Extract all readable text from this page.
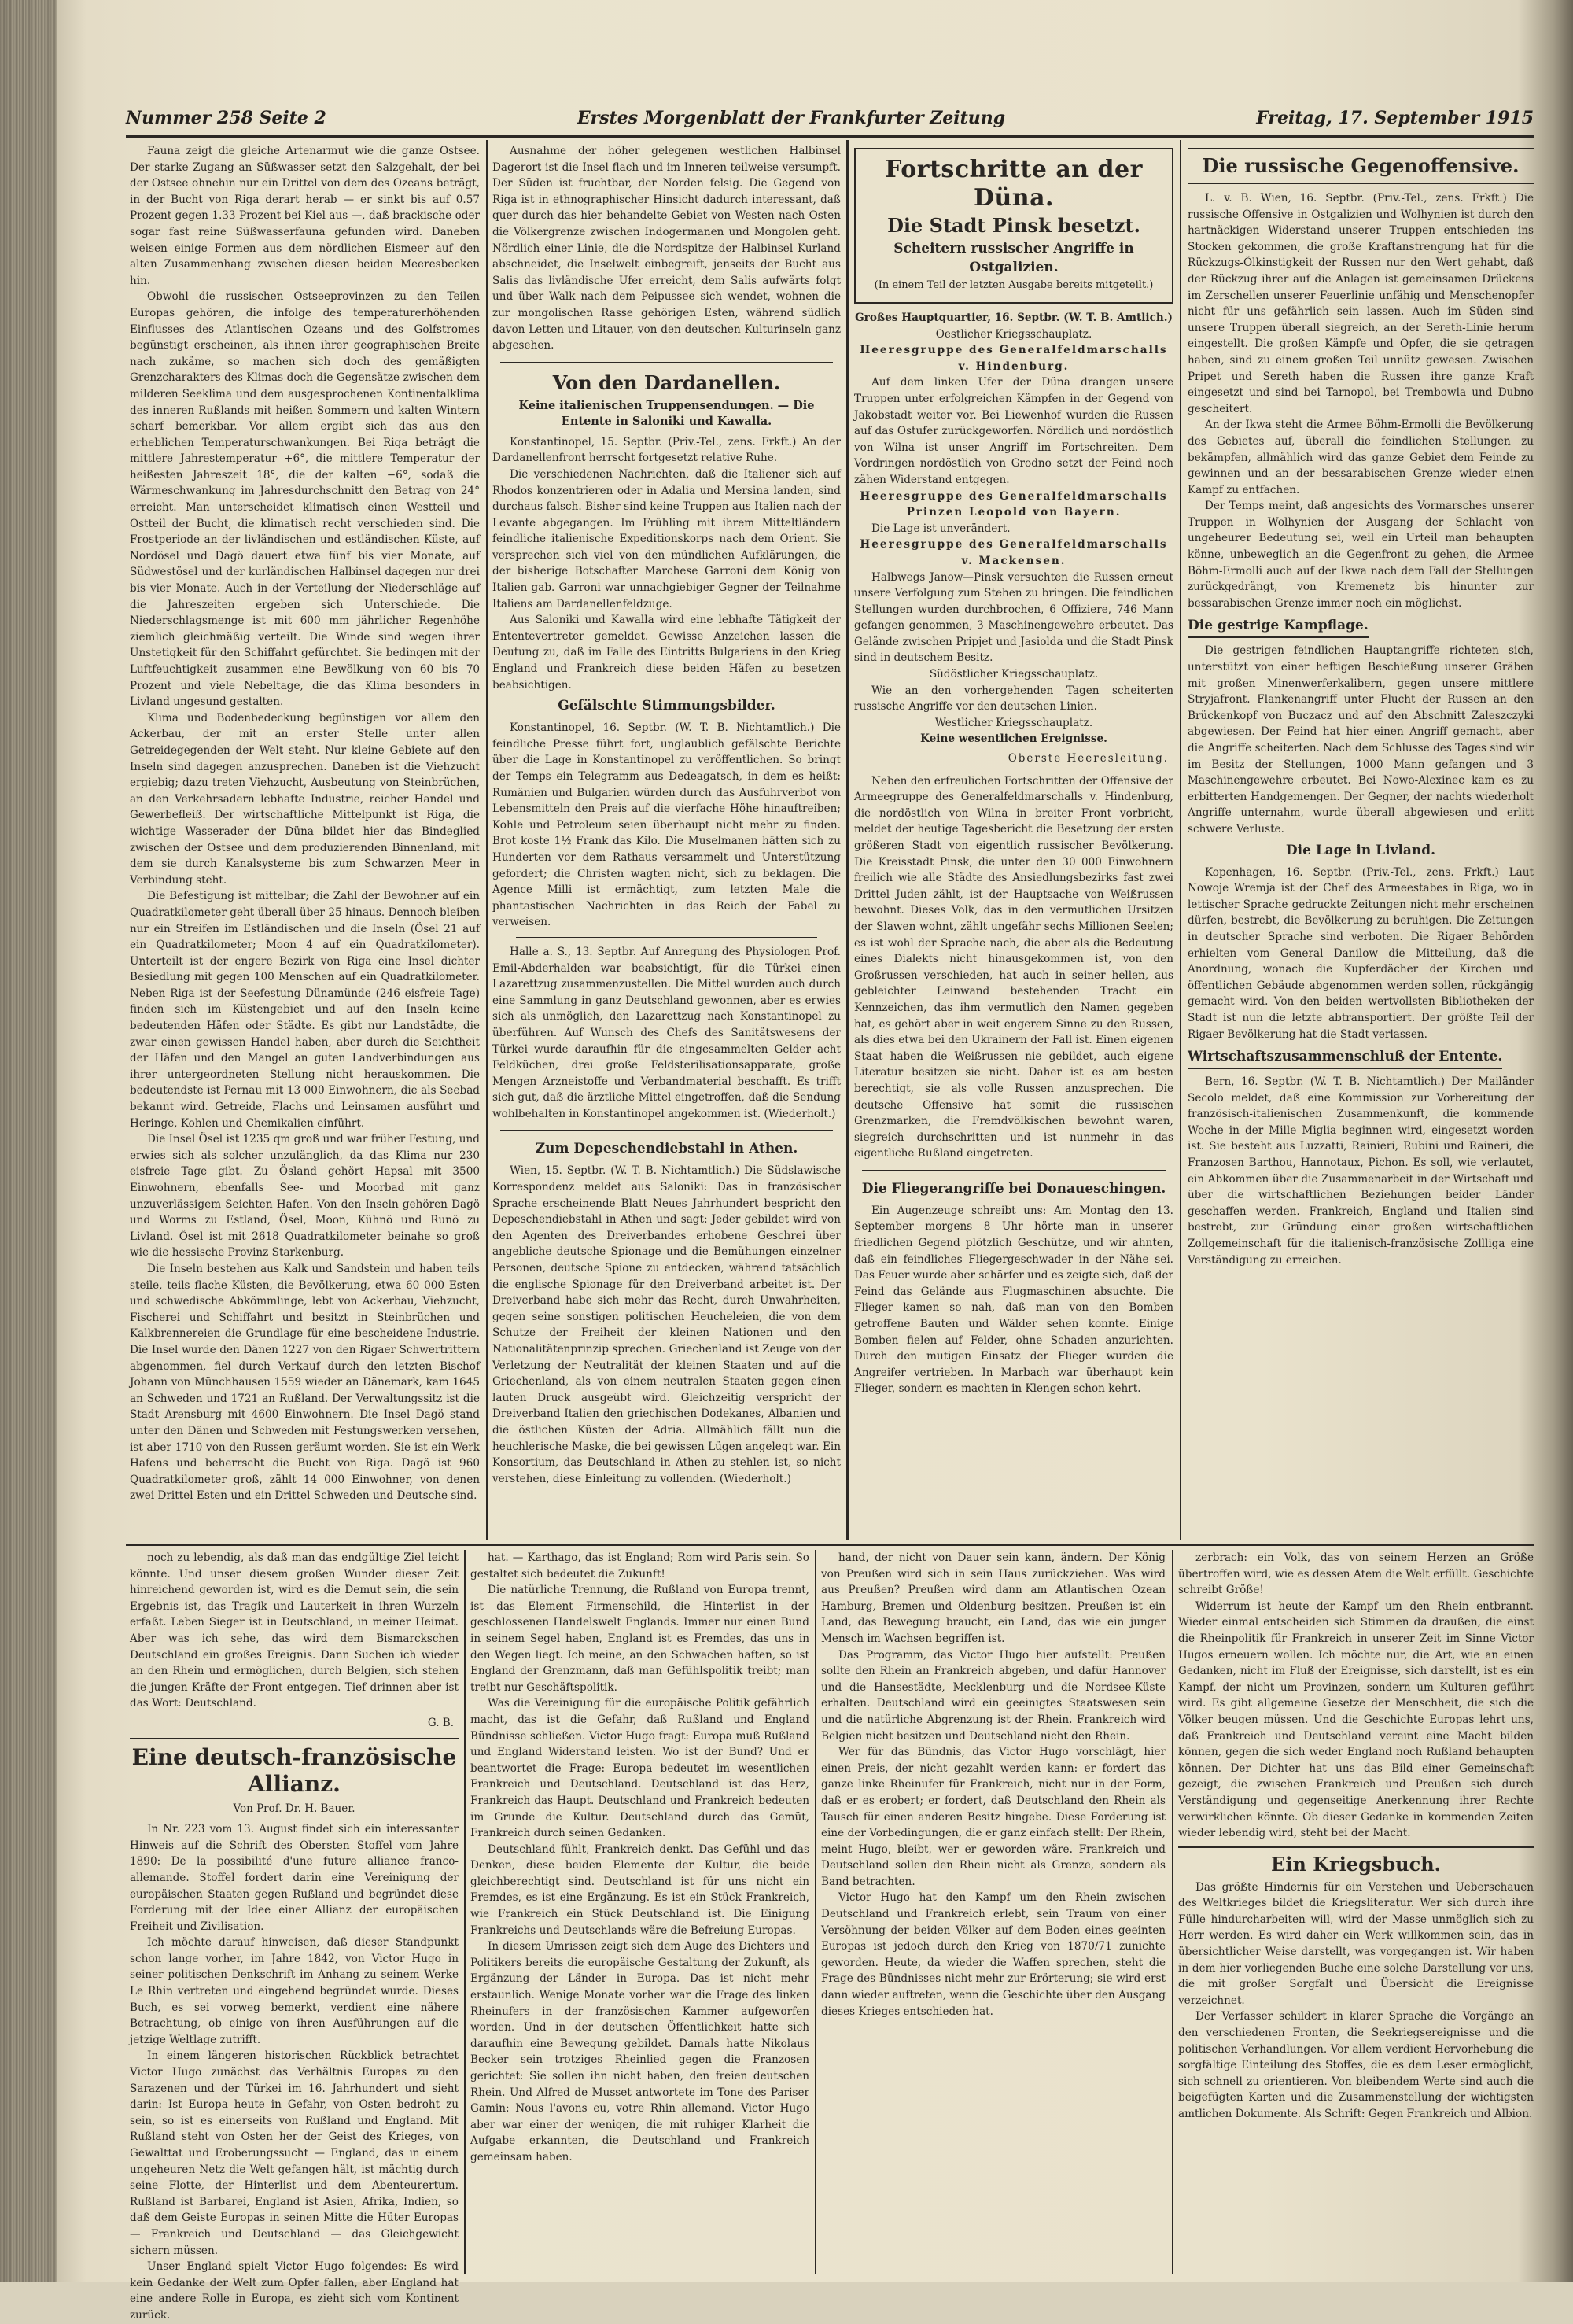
Nummer 258 Seite 2	Erstes Morgenblatt der Frankfurter Zeitung	Freitag, 17. September 1915

Fauna zeigt die gleiche Artenarmut wie die ganze Ostsee. Der starke Zugang an Süßwasser setzt den Salzgehalt, der bei der Ostsee ohnehin nur ein Drittel von dem des Ozeans beträgt, in der Bucht von Riga derart herab — er sinkt bis auf 0.57 Prozent gegen 1.33 Prozent bei Kiel aus —, daß brackische oder sogar fast reine Süßwasserfauna gefunden wird. Daneben weisen einige Formen aus dem nördlichen Eismeer auf den alten Zusammenhang zwischen diesen beiden Meeresbecken hin.

Obwohl die russischen Ostseeprovinzen zu den Teilen Europas gehören, die infolge des temperaturerhöhenden Einflusses des Atlantischen Ozeans und des Golfstromes begünstigt erscheinen, als ihnen ihrer geographischen Breite nach zukäme, so machen sich doch des gemäßigten Grenzcharakters des Klimas doch die Gegensätze zwischen dem milderen Seeklima und dem ausgesprochenen Kontinentalklima des inneren Rußlands mit heißen Sommern und kalten Wintern scharf bemerkbar. Vor allem ergibt sich das aus den erheblichen Temperaturschwankungen. Bei Riga beträgt die mittlere Jahrestemperatur +6°, die mittlere Temperatur der heißesten Jahreszeit 18°, die der kalten −6°, sodaß die Wärmeschwankung im Jahresdurchschnitt den Betrag von 24° erreicht. Man unterscheidet klimatisch einen Westteil und Ostteil der Bucht, die klimatisch recht verschieden sind. Die Frostperiode an der livländischen und estländischen Küste, auf Nordösel und Dagö dauert etwa fünf bis vier Monate, auf Südwestösel und der kurländischen Halbinsel dagegen nur drei bis vier Monate. Auch in der Verteilung der Niederschläge auf die Jahreszeiten ergeben sich Unterschiede. Die Niederschlagsmenge ist mit 600 mm jährlicher Regenhöhe ziemlich gleichmäßig verteilt. Die Winde sind wegen ihrer Unstetigkeit für den Schiffahrt gefürchtet. Sie bedingen mit der Luftfeuchtigkeit zusammen eine Bewölkung von 60 bis 70 Prozent und viele Nebeltage, die das Klima besonders in Livland ungesund gestalten.

Klima und Bodenbedeckung begünstigen vor allem den Ackerbau, der mit an erster Stelle unter allen Getreidegegenden der Welt steht. Nur kleine Gebiete auf den Inseln sind dagegen anzusprechen. Daneben ist die Viehzucht ergiebig; dazu treten Viehzucht, Ausbeutung von Steinbrüchen, an den Verkehrsadern lebhafte Industrie, reicher Handel und Gewerbefleiß. Der wirtschaftliche Mittelpunkt ist Riga, die wichtige Wasserader der Düna bildet hier das Bindeglied zwischen der Ostsee und dem produzierenden Binnenland, mit dem sie durch Kanalsysteme bis zum Schwarzen Meer in Verbindung steht.

Die Befestigung ist mittelbar; die Zahl der Bewohner auf ein Quadratkilometer geht überall über 25 hinaus. Dennoch bleiben nur ein Streifen im Estländischen und die Inseln (Ösel 21 auf ein Quadratkilometer; Moon 4 auf ein Quadratkilometer). Unterteilt ist der engere Bezirk von Riga eine Insel dichter Besiedlung mit gegen 100 Menschen auf ein Quadratkilometer. Neben Riga ist der Seefestung Dünamünde (246 eisfreie Tage) finden sich im Küstengebiet und auf den Inseln keine bedeutenden Häfen oder Städte. Es gibt nur Landstädte, die zwar einen gewissen Handel haben, aber durch die Seichtheit der Häfen und den Mangel an guten Landverbindungen aus ihrer untergeordneten Stellung nicht herauskommen. Die bedeutendste ist Pernau mit 13 000 Einwohnern, die als Seebad bekannt wird. Getreide, Flachs und Leinsamen ausführt und Heringe, Kohlen und Chemikalien einführt.

Die Insel Ösel ist 1235 qm groß und war früher Festung, und erwies sich als solcher unzulänglich, da das Klima nur 230 eisfreie Tage gibt. Zu Ösland gehört Hapsal mit 3500 Einwohnern, ebenfalls See- und Moorbad mit ganz unzuverlässigem Seichten Hafen. Von den Inseln gehören Dagö und Worms zu Estland, Ösel, Moon, Kühnö und Runö zu Livland. Ösel ist mit 2618 Quadratkilometer beinahe so groß wie die hessische Provinz Starkenburg.

Die Inseln bestehen aus Kalk und Sandstein und haben teils steile, teils flache Küsten, die Bevölkerung, etwa 60 000 Esten und schwedische Abkömmlinge, lebt von Ackerbau, Viehzucht, Fischerei und Schiffahrt und besitzt in Steinbrüchen und Kalkbrennereien die Grundlage für eine bescheidene Industrie. Die Insel wurde den Dänen 1227 von den Rigaer Schwertrittern abgenommen, fiel durch Verkauf durch den letzten Bischof Johann von Münchhausen 1559 wieder an Dänemark, kam 1645 an Schweden und 1721 an Rußland. Der Verwaltungssitz ist die Stadt Arensburg mit 4600 Einwohnern. Die Insel Dagö stand unter den Dänen und Schweden mit Festungswerken versehen, ist aber 1710 von den Russen geräumt worden. Sie ist ein Werk Hafens und beherrscht die Bucht von Riga. Dagö ist 960 Quadratkilometer groß, zählt 14 000 Einwohner, von denen zwei Drittel Esten und ein Drittel Schweden und Deutsche sind.

Ausnahme der höher gelegenen westlichen Halbinsel Dagerort ist die Insel flach und im Inneren teilweise versumpft. Der Süden ist fruchtbar, der Norden felsig. Die Gegend von Riga ist in ethnographischer Hinsicht dadurch interessant, daß quer durch das hier behandelte Gebiet von Westen nach Osten die Völkergrenze zwischen Indogermanen und Mongolen geht. Nördlich einer Linie, die die Nordspitze der Halbinsel Kurland abschneidet, die Inselwelt einbegreift, jenseits der Bucht aus Salis das livländische Ufer erreicht, dem Salis aufwärts folgt und über Walk nach dem Peipussee sich wendet, wohnen die zur mongolischen Rasse gehörigen Esten, während südlich davon Letten und Litauer, von den deutschen Kulturinseln ganz abgesehen.

Von den Dardanellen.
Keine italienischen Truppensendungen. — Die Entente in Saloniki und Kawalla.

Konstantinopel, 15. Septbr. (Priv.-Tel., zens. Frkft.) An der Dardanellenfront herrscht fortgesetzt relative Ruhe.

Die verschiedenen Nachrichten, daß die Italiener sich auf Rhodos konzentrieren oder in Adalia und Mersina landen, sind durchaus falsch. Bisher sind keine Truppen aus Italien nach der Levante abgegangen. Im Frühling mit ihrem Mitteltländern feindliche italienische Expeditionskorps nach dem Orient. Sie versprechen sich viel von den mündlichen Aufklärungen, die der bisherige Botschafter Marchese Garroni dem König von Italien gab. Garroni war unnachgiebiger Gegner der Teilnahme Italiens am Dardanellenfeldzuge.

Aus Saloniki und Kawalla wird eine lebhafte Tätigkeit der Ententevertreter gemeldet. Gewisse Anzeichen lassen die Deutung zu, daß im Falle des Eintritts Bulgariens in den Krieg England und Frankreich diese beiden Häfen zu besetzen beabsichtigen.

Gefälschte Stimmungsbilder.

Konstantinopel, 16. Septbr. (W. T. B. Nichtamtlich.) Die feindliche Presse führt fort, unglaublich gefälschte Berichte über die Lage in Konstantinopel zu veröffentlichen. So bringt der Temps ein Telegramm aus Dedeagatsch, in dem es heißt: Rumänien und Bulgarien würden durch das Ausfuhrverbot von Lebensmitteln den Preis auf die vierfache Höhe hinauftreiben; Kohle und Petroleum seien überhaupt nicht mehr zu finden. Brot koste 1½ Frank das Kilo. Die Muselmanen hätten sich zu Hunderten vor dem Rathaus versammelt und Unterstützung gefordert; die Christen wagten nicht, sich zu beklagen. Die Agence Milli ist ermächtigt, zum letzten Male die phantastischen Nachrichten in das Reich der Fabel zu verweisen.

Halle a. S., 13. Septbr. Auf Anregung des Physiologen Prof. Emil-Abderhalden war beabsichtigt, für die Türkei einen Lazarettzug zusammenzustellen. Die Mittel wurden auch durch eine Sammlung in ganz Deutschland gewonnen, aber es erwies sich als unmöglich, den Lazarettzug nach Konstantinopel zu überführen. Auf Wunsch des Chefs des Sanitätswesens der Türkei wurde daraufhin für die eingesammelten Gelder acht Feldküchen, drei große Feldsterilisationsapparate, große Mengen Arzneistoffe und Verbandmaterial beschafft. Es trifft sich gut, daß die ärztliche Mittel eingetroffen, daß die Sendung wohlbehalten in Konstantinopel angekommen ist. (Wiederholt.)

Zum Depeschendiebstahl in Athen.

Wien, 15. Septbr. (W. T. B. Nichtamtlich.) Die Südslawische Korrespondenz meldet aus Saloniki: Das in französischer Sprache erscheinende Blatt Neues Jahrhundert bespricht den Depeschendiebstahl in Athen und sagt: Jeder gebildet wird von den Agenten des Dreiverbandes erhobene Geschrei über angebliche deutsche Spionage und die Bemühungen einzelner Personen, deutsche Spione zu entdecken, während tatsächlich die englische Spionage für den Dreiverband arbeitet ist. Der Dreiverband habe sich mehr das Recht, durch Unwahrheiten, gegen seine sonstigen politischen Heucheleien, die von dem Schutze der Freiheit der kleinen Nationen und den Nationalitätenprinzip sprechen. Griechenland ist Zeuge von der Verletzung der Neutralität der kleinen Staaten und auf die Griechenland, als von einem neutralen Staaten gegen einen lauten Druck ausgeübt wird. Gleichzeitig verspricht der Dreiverband Italien den griechischen Dodekanes, Albanien und die östlichen Küsten der Adria. Allmählich fällt nun die heuchlerische Maske, die bei gewissen Lügen angelegt war. Ein Konsortium, das Deutschland in Athen zu stehlen ist, so nicht verstehen, diese Einleitung zu vollenden. (Wiederholt.)

Fortschritte an der Düna.
Die Stadt Pinsk besetzt.
Scheitern russischer Angriffe in Ostgalizien.
(In einem Teil der letzten Ausgabe bereits mitgeteilt.)

Großes Hauptquartier, 16. Septbr. (W. T. B. Amtlich.)

Oestlicher Kriegsschauplatz.

Heeresgruppe des Generalfeldmarschalls v. Hindenburg.

Auf dem linken Ufer der Düna drangen unsere Truppen unter erfolgreichen Kämpfen in der Gegend von Jakobstadt weiter vor. Bei Liewenhof wurden die Russen auf das Ostufer zurückgeworfen. Nördlich und nordöstlich von Wilna ist unser Angriff im Fortschreiten. Dem Vordringen nordöstlich von Grodno setzt der Feind noch zähen Widerstand entgegen.

Heeresgruppe des Generalfeldmarschalls Prinzen Leopold von Bayern.

Die Lage ist unverändert.

Heeresgruppe des Generalfeldmarschalls v. Mackensen.

Halbwegs Janow—Pinsk versuchten die Russen erneut unsere Verfolgung zum Stehen zu bringen. Die feindlichen Stellungen wurden durchbrochen, 6 Offiziere, 746 Mann gefangen genommen, 3 Maschinengewehre erbeutet. Das Gelände zwischen Pripjet und Jasiolda und die Stadt Pinsk sind in deutschem Besitz.

Südöstlicher Kriegsschauplatz.

Wie an den vorhergehenden Tagen scheiterten russische Angriffe vor den deutschen Linien.

Westlicher Kriegsschauplatz.

Keine wesentlichen Ereignisse.

Oberste Heeresleitung.

Neben den erfreulichen Fortschritten der Offensive der Armeegruppe des Generalfeldmarschalls v. Hindenburg, die nordöstlich von Wilna in breiter Front vorbricht, meldet der heutige Tagesbericht die Besetzung der ersten größeren Stadt von eigentlich russischer Bevölkerung. Die Kreisstadt Pinsk, die unter den 30 000 Einwohnern freilich wie alle Städte des Ansiedlungsbezirks fast zwei Drittel Juden zählt, ist der Hauptsache von Weißrussen bewohnt. Dieses Volk, das in den vermutlichen Ursitzen der Slawen wohnt, zählt ungefähr sechs Millionen Seelen; es ist wohl der Sprache nach, die aber als die Bedeutung eines Dialekts nicht hinausgekommen ist, von den Großrussen verschieden, hat auch in seiner hellen, aus gebleichter Leinwand bestehenden Tracht ein Kennzeichen, das ihm vermutlich den Namen gegeben hat, es gehört aber in weit engerem Sinne zu den Russen, als dies etwa bei den Ukrainern der Fall ist. Einen eigenen Staat haben die Weißrussen nie gebildet, auch eigene Literatur besitzen sie nicht. Daher ist es am besten berechtigt, sie als volle Russen anzusprechen. Die deutsche Offensive hat somit die russischen Grenzmarken, die Fremdvölkischen bewohnt waren, siegreich durchschritten und ist nunmehr in das eigentliche Rußland eingetreten.

Die Fliegerangriffe bei Donaueschingen.

Ein Augenzeuge schreibt uns: Am Montag den 13. September morgens 8 Uhr hörte man in unserer friedlichen Gegend plötzlich Geschütze, und wir ahnten, daß ein feindliches Fliegergeschwader in der Nähe sei. Das Feuer wurde aber schärfer und es zeigte sich, daß der Feind das Gelände aus Flugmaschinen absuchte. Die Flieger kamen so nah, daß man von den Bomben getroffene Bauten und Wälder sehen konnte. Einige Bomben fielen auf Felder, ohne Schaden anzurichten. Durch den mutigen Einsatz der Flieger wurden die Angreifer vertrieben. In Marbach war überhaupt kein Flieger, sondern es machten in Klengen schon kehrt.

Die russische Gegenoffensive.

L. v. B. Wien, 16. Septbr. (Priv.-Tel., zens. Frkft.) Die russische Offensive in Ostgalizien und Wolhynien ist durch den hartnäckigen Widerstand unserer Truppen entschieden ins Stocken gekommen, die große Kraftanstrengung hat für die Rückzugs-Ölkinstigkeit der Russen nur den Wert gehabt, daß der Rückzug ihrer auf die Anlagen ist gemeinsamen Drückens im Zerschellen unserer Feuerlinie unfähig und Menschenopfer nicht für uns gefährlich sein lassen. Auch im Süden sind unsere Truppen überall siegreich, an der Sereth-Linie herum eingestellt. Die großen Kämpfe und Opfer, die sie getragen haben, sind zu einem großen Teil unnütz gewesen. Zwischen Pripet und Sereth haben die Russen ihre ganze Kraft eingesetzt und sind bei Tarnopol, bei Trembowla und Dubno gescheitert.

An der Ikwa steht die Armee Böhm-Ermolli die Bevölkerung des Gebietes auf, überall die feindlichen Stellungen zu bekämpfen, allmählich wird das ganze Gebiet dem Feinde zu gewinnen und an der bessarabischen Grenze wieder einen Kampf zu entfachen.

Der Temps meint, daß angesichts des Vormarsches unserer Truppen in Wolhynien der Ausgang der Schlacht von ungeheurer Bedeutung sei, weil ein Urteil man behaupten könne, unbeweglich an die Gegenfront zu gehen, die Armee Böhm-Ermolli auch auf der Ikwa nach dem Fall der Stellungen zurückgedrängt, von Kremenetz bis hinunter zur bessarabischen Grenze immer noch ein möglichst.

Die gestrige Kampflage.

Die gestrigen feindlichen Hauptangriffe richteten sich, unterstützt von einer heftigen Beschießung unserer Gräben mit großen Minenwerferkalibern, gegen unsere mittlere Stryjafront. Flankenangriff unter Flucht der Russen an den Brückenkopf von Buczacz und auf den Abschnitt Zaleszczyki abgewiesen. Der Feind hat hier einen Angriff gemacht, aber die Angriffe scheiterten. Nach dem Schlusse des Tages sind wir im Besitz der Stellungen, 1000 Mann gefangen und 3 Maschinengewehre erbeutet. Bei Nowo-Alexinec kam es zu erbitterten Handgemengen. Der Gegner, der nachts wiederholt Angriffe unternahm, wurde überall abgewiesen und erlitt schwere Verluste.

Die Lage in Livland.

Kopenhagen, 16. Septbr. (Priv.-Tel., zens. Frkft.) Laut Nowoje Wremja ist der Chef des Armeestabes in Riga, wo in lettischer Sprache gedruckte Zeitungen nicht mehr erscheinen dürfen, bestrebt, die Bevölkerung zu beruhigen. Die Zeitungen in deutscher Sprache sind verboten. Die Rigaer Behörden erhielten vom General Danilow die Mitteilung, daß die Anordnung, wonach die Kupferdächer der Kirchen und öffentlichen Gebäude abgenommen werden sollen, rückgängig gemacht wird. Von den beiden wertvollsten Bibliotheken der Stadt ist nun die letzte abtransportiert. Der größte Teil der Rigaer Bevölkerung hat die Stadt verlassen.

Wirtschaftszusammenschluß der Entente.

Bern, 16. Septbr. (W. T. B. Nichtamtlich.) Der Mailänder Secolo meldet, daß eine Kommission zur Vorbereitung der französisch-italienischen Zusammenkunft, die kommende Woche in der Mille Miglia beginnen wird, eingesetzt worden ist. Sie besteht aus Luzzatti, Rainieri, Rubini und Raineri, die Franzosen Barthou, Hannotaux, Pichon. Es soll, wie verlautet, ein Abkommen über die Zusammenarbeit in der Wirtschaft und über die wirtschaftlichen Beziehungen beider Länder geschaffen werden. Frankreich, England und Italien sind bestrebt, zur Gründung einer großen wirtschaftlichen Zollgemeinschaft für die italienisch-französische Zollliga eine Verständigung zu erreichen.

noch zu lebendig, als daß man das endgültige Ziel leicht könnte. Und unser diesem großen Wunder dieser Zeit hinreichend geworden ist, wird es die Demut sein, die sein Ergebnis ist, das Tragik und Lauterkeit in ihren Wurzeln erfaßt. Leben Sieger ist in Deutschland, in meiner Heimat. Aber was ich sehe, das wird dem Bismarckschen Deutschland ein großes Ereignis. Dann Suchen ich wieder an den Rhein und ermöglichen, durch Belgien, sich stehen die jungen Kräfte der Front entgegen. Tief drinnen aber ist das Wort: Deutschland.

G. B.
Eine deutsch-französische Allianz.
Von Prof. Dr. H. Bauer.

In Nr. 223 vom 13. August findet sich ein interessanter Hinweis auf die Schrift des Obersten Stoffel vom Jahre 1890: De la possibilité d'une future alliance franco-allemande. Stoffel fordert darin eine Vereinigung der europäischen Staaten gegen Rußland und begründet diese Forderung mit der Idee einer Allianz der europäischen Freiheit und Zivilisation.

Ich möchte darauf hinweisen, daß dieser Standpunkt schon lange vorher, im Jahre 1842, von Victor Hugo in seiner politischen Denkschrift im Anhang zu seinem Werke Le Rhin vertreten und eingehend begründet wurde. Dieses Buch, es sei vorweg bemerkt, verdient eine nähere Betrachtung, ob einige von ihren Ausführungen auf die jetzige Weltlage zutrifft.

In einem längeren historischen Rückblick betrachtet Victor Hugo zunächst das Verhältnis Europas zu den Sarazenen und der Türkei im 16. Jahrhundert und sieht darin: Ist Europa heute in Gefahr, von Osten bedroht zu sein, so ist es einerseits von Rußland und England. Mit Rußland steht von Osten her der Geist des Krieges, von Gewalttat und Eroberungssucht — England, das in einem ungeheuren Netz die Welt gefangen hält, ist mächtig durch seine Flotte, der Hinterlist und dem Abenteurertum. Rußland ist Barbarei, England ist Asien, Afrika, Indien, so daß dem Geiste Europas in seinen Mitte die Hüter Europas — Frankreich und Deutschland — das Gleichgewicht sichern müssen.

Unser England spielt Victor Hugo folgendes: Es wird kein Gedanke der Welt zum Opfer fallen, aber England hat eine andere Rolle in Europa, es zieht sich vom Kontinent zurück.

hat. — Karthago, das ist England; Rom wird Paris sein. So gestaltet sich bedeutet die Zukunft!

Die natürliche Trennung, die Rußland von Europa trennt, ist das Element Firmenschild, die Hinterlist in der geschlossenen Handelswelt Englands. Immer nur einen Bund in seinem Segel haben, England ist es Fremdes, das uns in den Wegen liegt. Ich meine, an den Schwachen haften, so ist England der Grenzmann, daß man Gefühlspolitik treibt; man treibt nur Geschäftspolitik.

Was die Vereinigung für die europäische Politik gefährlich macht, das ist die Gefahr, daß Rußland und England Bündnisse schließen. Victor Hugo fragt: Europa muß Rußland und England Widerstand leisten. Wo ist der Bund? Und er beantwortet die Frage: Europa bedeutet im wesentlichen Frankreich und Deutschland. Deutschland ist das Herz, Frankreich das Haupt. Deutschland und Frankreich bedeuten im Grunde die Kultur. Deutschland durch das Gemüt, Frankreich durch seinen Gedanken.

Deutschland fühlt, Frankreich denkt. Das Gefühl und das Denken, diese beiden Elemente der Kultur, die beide gleichberechtigt sind. Deutschland ist für uns nicht ein Fremdes, es ist eine Ergänzung. Es ist ein Stück Frankreich, wie Frankreich ein Stück Deutschland ist. Die Einigung Frankreichs und Deutschlands wäre die Befreiung Europas.

In diesem Umrissen zeigt sich dem Auge des Dichters und Politikers bereits die europäische Gestaltung der Zukunft, als Ergänzung der Länder in Europa. Das ist nicht mehr erstaunlich. Wenige Monate vorher war die Frage des linken Rheinufers in der französischen Kammer aufgeworfen worden. Und in der deutschen Öffentlichkeit hatte sich daraufhin eine Bewegung gebildet. Damals hatte Nikolaus Becker sein trotziges Rheinlied gegen die Franzosen gerichtet: Sie sollen ihn nicht haben, den freien deutschen Rhein. Und Alfred de Musset antwortete im Tone des Pariser Gamin: Nous l'avons eu, votre Rhin allemand. Victor Hugo aber war einer der wenigen, die mit ruhiger Klarheit die Aufgabe erkannten, die Deutschland und Frankreich gemeinsam haben.

hand, der nicht von Dauer sein kann, ändern. Der König von Preußen wird sich in sein Haus zurückziehen. Was wird aus Preußen? Preußen wird dann am Atlantischen Ozean Hamburg, Bremen und Oldenburg besitzen. Preußen ist ein Land, das Bewegung braucht, ein Land, das wie ein junger Mensch im Wachsen begriffen ist.

Das Programm, das Victor Hugo hier aufstellt: Preußen sollte den Rhein an Frankreich abgeben, und dafür Hannover und die Hansestädte, Mecklenburg und die Nordsee-Küste erhalten. Deutschland wird ein geeinigtes Staatswesen sein und die natürliche Abgrenzung ist der Rhein. Frankreich wird Belgien nicht besitzen und Deutschland nicht den Rhein.

Wer für das Bündnis, das Victor Hugo vorschlägt, hier einen Preis, der nicht gezahlt werden kann: er fordert das ganze linke Rheinufer für Frankreich, nicht nur in der Form, daß er es erobert; er fordert, daß Deutschland den Rhein als Tausch für einen anderen Besitz hingebe. Diese Forderung ist eine der Vorbedingungen, die er ganz einfach stellt: Der Rhein, meint Hugo, bleibt, wer er geworden wäre. Frankreich und Deutschland sollen den Rhein nicht als Grenze, sondern als Band betrachten.

Victor Hugo hat den Kampf um den Rhein zwischen Deutschland und Frankreich erlebt, sein Traum von einer Versöhnung der beiden Völker auf dem Boden eines geeinten Europas ist jedoch durch den Krieg von 1870/71 zunichte geworden. Heute, da wieder die Waffen sprechen, steht die Frage des Bündnisses nicht mehr zur Erörterung; sie wird erst dann wieder auftreten, wenn die Geschichte über den Ausgang dieses Krieges entschieden hat.

zerbrach: ein Volk, das von seinem Herzen an Größe übertroffen wird, wie es dessen Atem die Welt erfüllt. Geschichte schreibt Größe!

Widerrum ist heute der Kampf um den Rhein entbrannt. Wieder einmal entscheiden sich Stimmen da draußen, die einst die Rheinpolitik für Frankreich in unserer Zeit im Sinne Victor Hugos erneuern wollen. Ich möchte nur, die Art, wie an einen Gedanken, nicht im Fluß der Ereignisse, sich darstellt, ist es ein Kampf, der nicht um Provinzen, sondern um Kulturen geführt wird. Es gibt allgemeine Gesetze der Menschheit, die sich die Völker beugen müssen. Und die Geschichte Europas lehrt uns, daß Frankreich und Deutschland vereint eine Macht bilden können, gegen die sich weder England noch Rußland behaupten können. Der Dichter hat uns das Bild einer Gemeinschaft gezeigt, die zwischen Frankreich und Preußen sich durch Verständigung und gegenseitige Anerkennung ihrer Rechte verwirklichen könnte. Ob dieser Gedanke in kommenden Zeiten wieder lebendig wird, steht bei der Macht.

Ein Kriegsbuch.

Das größte Hindernis für ein Verstehen und Ueberschauen des Weltkrieges bildet die Kriegsliteratur. Wer sich durch ihre Fülle hindurcharbeiten will, wird der Masse unmöglich sich zu Herr werden. Es wird daher ein Werk willkommen sein, das in übersichtlicher Weise darstellt, was vorgegangen ist. Wir haben in dem hier vorliegenden Buche eine solche Darstellung vor uns, die mit großer Sorgfalt und Übersicht die Ereignisse verzeichnet.

Der Verfasser schildert in klarer Sprache die Vorgänge an den verschiedenen Fronten, die Seekriegsereignisse und die politischen Verhandlungen. Vor allem verdient Hervorhebung die sorgfältige Einteilung des Stoffes, die es dem Leser ermöglicht, sich schnell zu orientieren. Von bleibendem Werte sind auch die beigefügten Karten und die Zusammenstellung der wichtigsten amtlichen Dokumente. Als Schrift: Gegen Frankreich und Albion.
